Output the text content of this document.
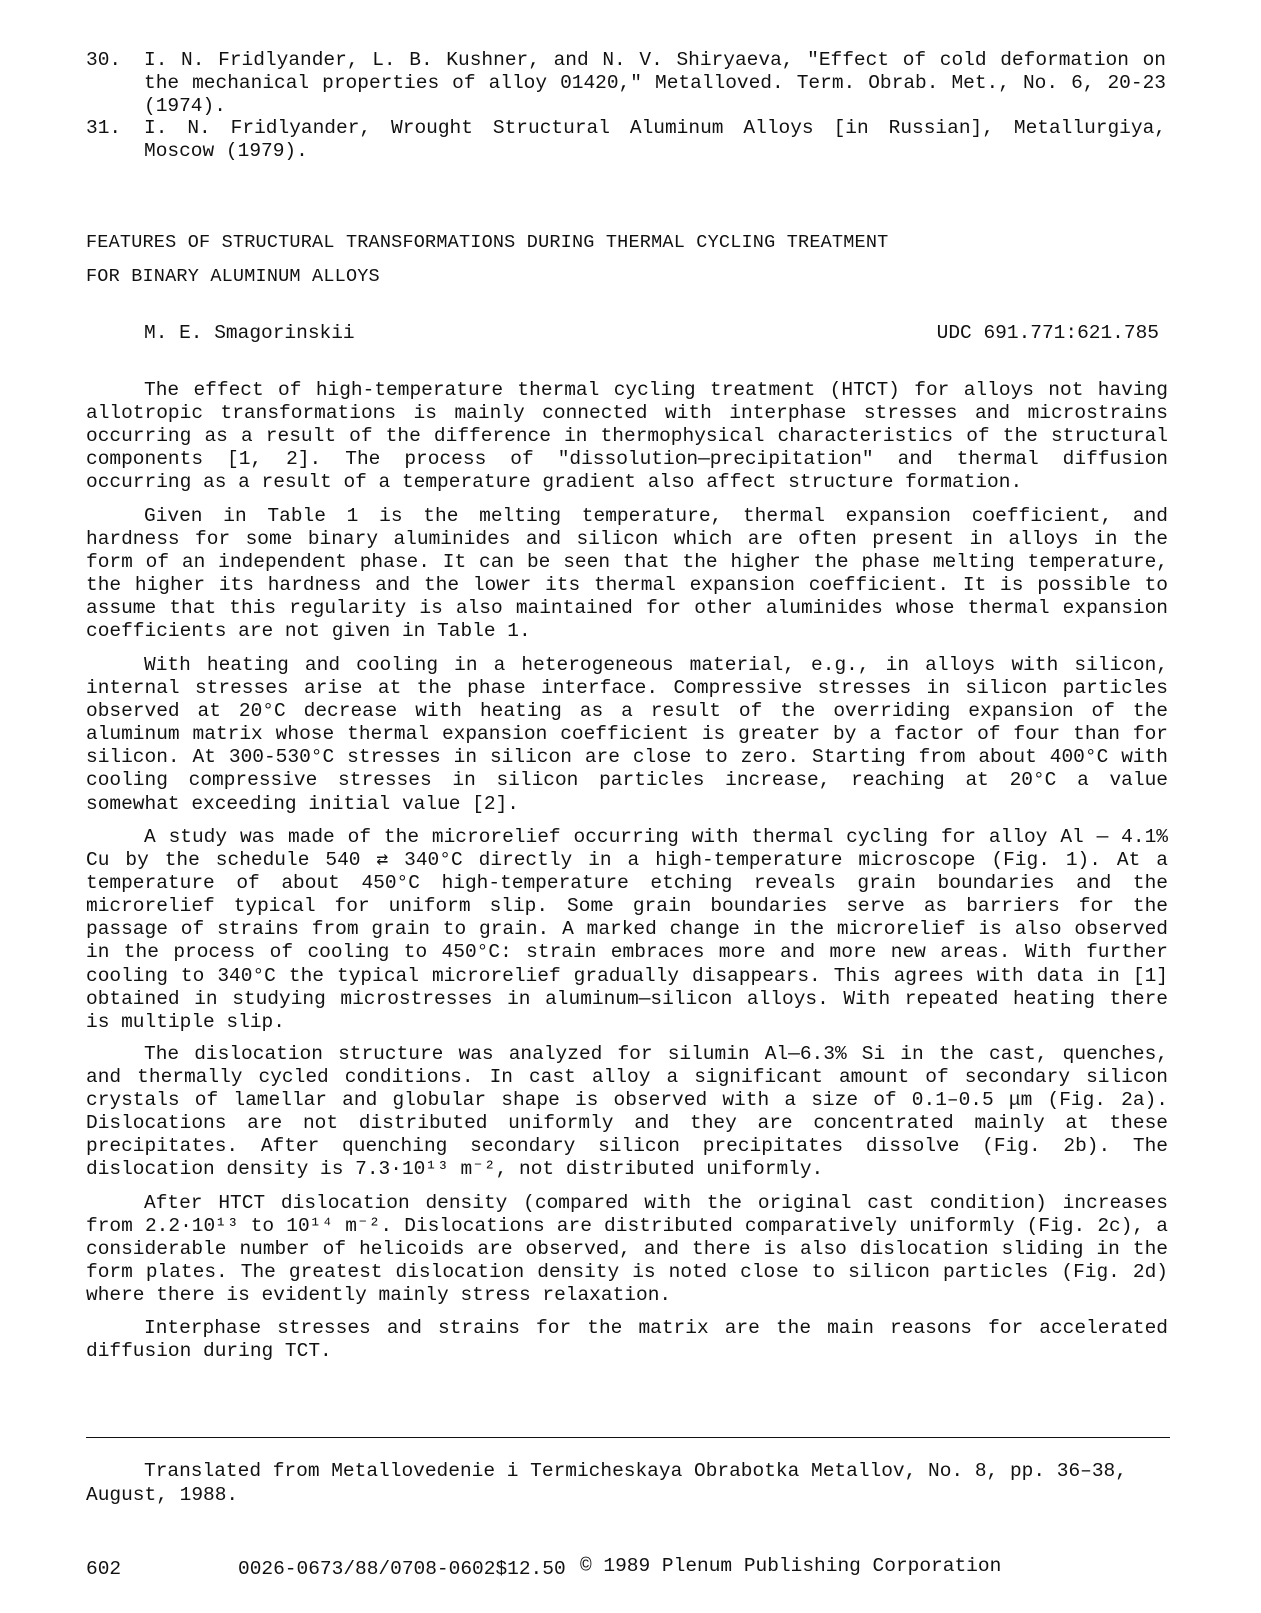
30. I. N. Fridlyander, L. B. Kushner, and N. V. Shiryaeva, "Effect of cold deformation on the mechanical properties of alloy 01420," Metalloved. Term. Obrab. Met., No. 6, 20-23 (1974).
31. I. N. Fridlyander, Wrought Structural Aluminum Alloys [in Russian], Metallurgiya, Moscow (1979).
FEATURES OF STRUCTURAL TRANSFORMATIONS DURING THERMAL CYCLING TREATMENT
FOR BINARY ALUMINUM ALLOYS
M. E. Smagorinskii	UDC 691.771:621.785
The effect of high-temperature thermal cycling treatment (HTCT) for alloys not having allotropic transformations is mainly connected with interphase stresses and microstrains occurring as a result of the difference in thermophysical characteristics of the structural components [1, 2]. The process of "dissolution—precipitation" and thermal diffusion occurring as a result of a temperature gradient also affect structure formation.
Given in Table 1 is the melting temperature, thermal expansion coefficient, and hardness for some binary aluminides and silicon which are often present in alloys in the form of an independent phase. It can be seen that the higher the phase melting temperature, the higher its hardness and the lower its thermal expansion coefficient. It is possible to assume that this regularity is also maintained for other aluminides whose thermal expansion coefficients are not given in Table 1.
With heating and cooling in a heterogeneous material, e.g., in alloys with silicon, internal stresses arise at the phase interface. Compressive stresses in silicon particles observed at 20°C decrease with heating as a result of the overriding expansion of the aluminum matrix whose thermal expansion coefficient is greater by a factor of four than for silicon. At 300-530°C stresses in silicon are close to zero. Starting from about 400°C with cooling compressive stresses in silicon particles increase, reaching at 20°C a value somewhat exceeding initial value [2].
A study was made of the microrelief occurring with thermal cycling for alloy Al — 4.1% Cu by the schedule 540 ⇄ 340°C directly in a high-temperature microscope (Fig. 1). At a temperature of about 450°C high-temperature etching reveals grain boundaries and the microrelief typical for uniform slip. Some grain boundaries serve as barriers for the passage of strains from grain to grain. A marked change in the microrelief is also observed in the process of cooling to 450°C: strain embraces more and more new areas. With further cooling to 340°C the typical microrelief gradually disappears. This agrees with data in [1] obtained in studying microstresses in aluminum—silicon alloys. With repeated heating there is multiple slip.
The dislocation structure was analyzed for silumin Al—6.3% Si in the cast, quenches, and thermally cycled conditions. In cast alloy a significant amount of secondary silicon crystals of lamellar and globular shape is observed with a size of 0.1–0.5 μm (Fig. 2a). Dislocations are not distributed uniformly and they are concentrated mainly at these precipitates. After quenching secondary silicon precipitates dissolve (Fig. 2b). The dislocation density is 7.3·10¹³ m⁻², not distributed uniformly.
After HTCT dislocation density (compared with the original cast condition) increases from 2.2·10¹³ to 10¹⁴ m⁻². Dislocations are distributed comparatively uniformly (Fig. 2c), a considerable number of helicoids are observed, and there is also dislocation sliding in the form plates. The greatest dislocation density is noted close to silicon particles (Fig. 2d) where there is evidently mainly stress relaxation.
Interphase stresses and strains for the matrix are the main reasons for accelerated diffusion during TCT.
Translated from Metallovedenie i Termicheskaya Obrabotka Metallov, No. 8, pp. 36–38, August, 1988.
602	0026-0673/88/0708-0602$12.50 © 1989 Plenum Publishing Corporation
